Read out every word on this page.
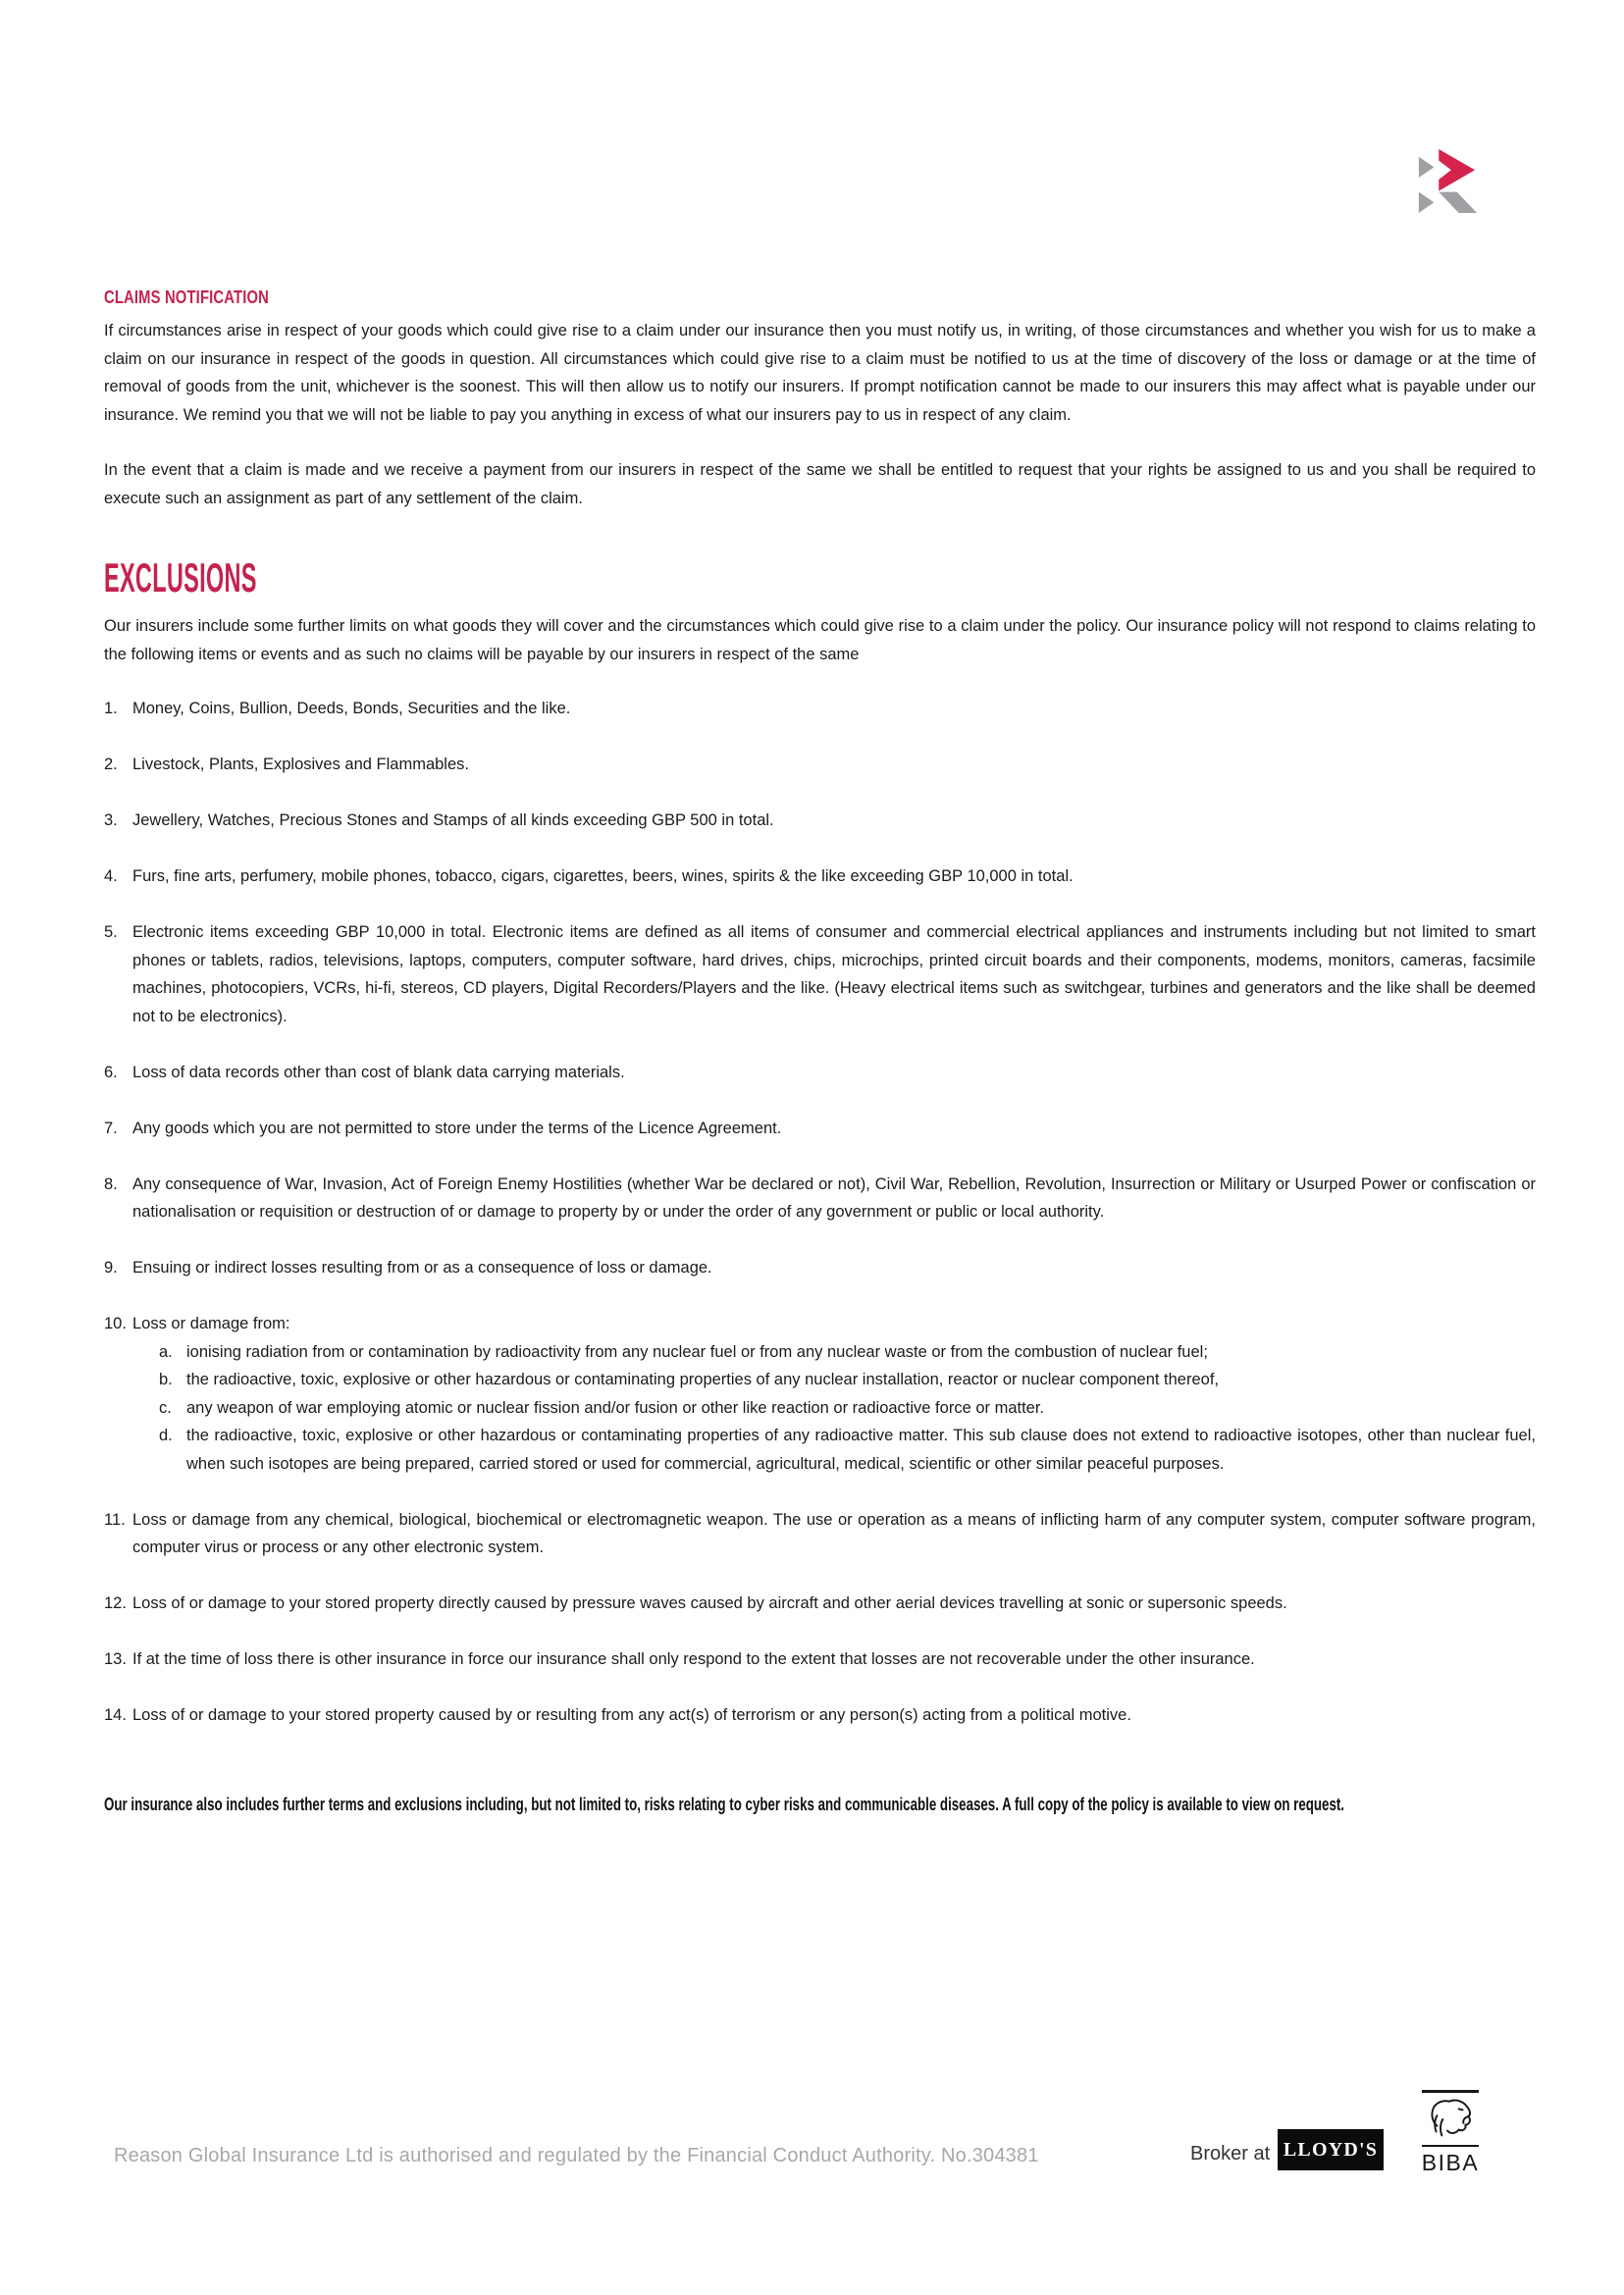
CLAIMS NOTIFICATION

If circumstances arise in respect of your goods which could give rise to a claim under our insurance then you must notify us, in writing, of those circumstances and whether you wish for us to make a claim on our insurance in respect of the goods in question. All circumstances which could give rise to a claim must be notified to us at the time of discovery of the loss or damage or at the time of removal of goods from the unit, whichever is the soonest. This will then allow us to notify our insurers. If prompt notification cannot be made to our insurers this may affect what is payable under our insurance. We remind you that we will not be liable to pay you anything in excess of what our insurers pay to us in respect of any claim.

In the event that a claim is made and we receive a payment from our insurers in respect of the same we shall be entitled to request that your rights be assigned to us and you shall be required to execute such an assignment as part of any settlement of the claim.

EXCLUSIONS

Our insurers include some further limits on what goods they will cover and the circumstances which could give rise to a claim under the policy. Our insurance policy will not respond to claims relating to the following items or events and as such no claims will be payable by our insurers in respect of the same

1. Money, Coins, Bullion, Deeds, Bonds, Securities and the like.

2. Livestock, Plants, Explosives and Flammables.

3. Jewellery, Watches, Precious Stones and Stamps of all kinds exceeding GBP 500 in total.

4. Furs, fine arts, perfumery, mobile phones, tobacco, cigars, cigarettes, beers, wines, spirits & the like exceeding GBP 10,000 in total.

5. Electronic items exceeding GBP 10,000 in total. Electronic items are defined as all items of consumer and commercial electrical appliances and instruments including but not limited to smart phones or tablets, radios, televisions, laptops, computers, computer software, hard drives, chips, microchips, printed circuit boards and their components, modems, monitors, cameras, facsimile machines, photocopiers, VCRs, hi-fi, stereos, CD players, Digital Recorders/Players and the like. (Heavy electrical items such as switchgear, turbines and generators and the like shall be deemed not to be electronics).

6. Loss of data records other than cost of blank data carrying materials.

7. Any goods which you are not permitted to store under the terms of the Licence Agreement.

8. Any consequence of War, Invasion, Act of Foreign Enemy Hostilities (whether War be declared or not), Civil War, Rebellion, Revolution, Insurrection or Military or Usurped Power or confiscation or nationalisation or requisition or destruction of or damage to property by or under the order of any government or public or local authority.

9. Ensuing or indirect losses resulting from or as a consequence of loss or damage.

10. Loss or damage from:

a. ionising radiation from or contamination by radioactivity from any nuclear fuel or from any nuclear waste or from the combustion of nuclear fuel;

b. the radioactive, toxic, explosive or other hazardous or contaminating properties of any nuclear installation, reactor or nuclear component thereof,

c. any weapon of war employing atomic or nuclear fission and/or fusion or other like reaction or radioactive force or matter.

d. the radioactive, toxic, explosive or other hazardous or contaminating properties of any radioactive matter. This sub clause does not extend to radioactive isotopes, other than nuclear fuel, when such isotopes are being prepared, carried stored or used for commercial, agricultural, medical, scientific or other similar peaceful purposes.

11. Loss or damage from any chemical, biological, biochemical or electromagnetic weapon. The use or operation as a means of inflicting harm of any computer system, computer software program, computer virus or process or any other electronic system.

12. Loss of or damage to your stored property directly caused by pressure waves caused by aircraft and other aerial devices travelling at sonic or supersonic speeds.

13. If at the time of loss there is other insurance in force our insurance shall only respond to the extent that losses are not recoverable under the other insurance.

14. Loss of or damage to your stored property caused by or resulting from any act(s) of terrorism or any person(s) acting from a political motive.

Our insurance also includes further terms and exclusions including, but not limited to, risks relating to cyber risks and communicable diseases. A full copy of the policy is available to view on request.
Reason Global Insurance Ltd is authorised and regulated by the Financial Conduct Authority. No.304381	Broker at LLOYD'S
BIBA
